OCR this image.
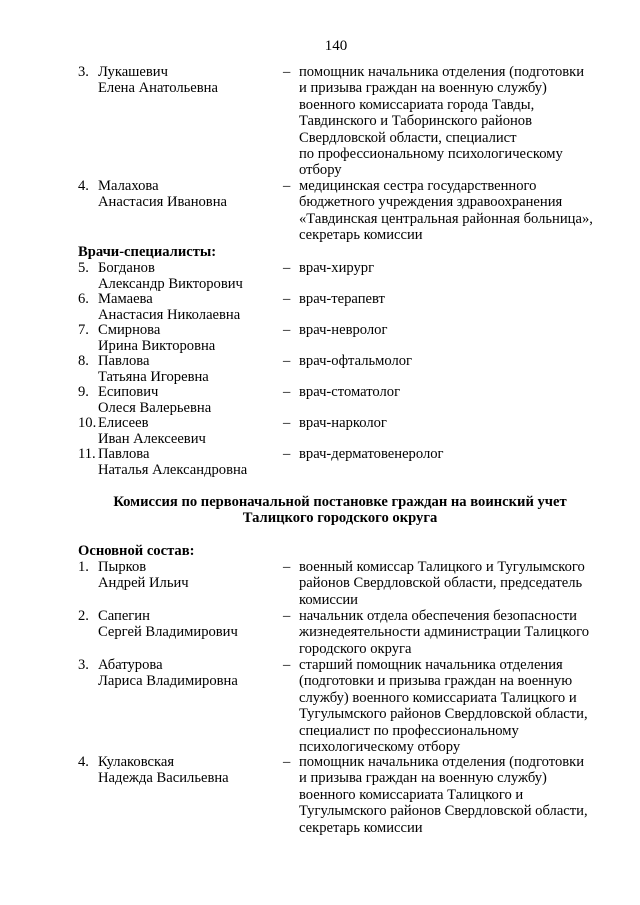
140
3. Лукашевич
Елена Анатольевна
– помощник начальника отделения (подготовки
и призыва граждан на военную службу)
военного комиссариата города Тавды,
Тавдинского и Таборинского районов
Свердловской области, специалист
по профессиональному психологическому
отбору
4. Малахова
Анастасия Ивановна
– медицинская сестра государственного
бюджетного учреждения здравоохранения
«Тавдинская центральная районная больница»,
секретарь комиссии
Врачи-специалисты:
5. Богданов
Александр Викторович
– врач-хирург
6. Мамаева
Анастасия Николаевна
– врач-терапевт
7. Смирнова
Ирина Викторовна
– врач-невролог
8. Павлова
Татьяна Игоревна
– врач-офтальмолог
9. Есипович
Олеся Валерьевна
– врач-стоматолог
10. Елисеев
Иван Алексеевич
– врач-нарколог
11. Павлова
Наталья Александровна
– врач-дерматовенеролог
Комиссия по первоначальной постановке граждан на воинский учет
Талицкого городского округа
Основной состав:
1. Пырков
Андрей Ильич
– военный комиссар Талицкого и Тугулымского
районов Свердловской области, председатель
комиссии
2. Сапегин
Сергей Владимирович
– начальник отдела обеспечения безопасности
жизнедеятельности администрации Талицкого
городского округа
3. Абатурова
Лариса Владимировна
– старший помощник начальника отделения
(подготовки и призыва граждан на военную
службу) военного комиссариата Талицкого и
Тугулымского районов Свердловской области,
специалист по профессиональному
психологическому отбору
4. Кулаковская
Надежда Васильевна
– помощник начальника отделения (подготовки
и призыва граждан на военную службу)
военного комиссариата Талицкого и
Тугулымского районов Свердловской области,
секретарь комиссии
